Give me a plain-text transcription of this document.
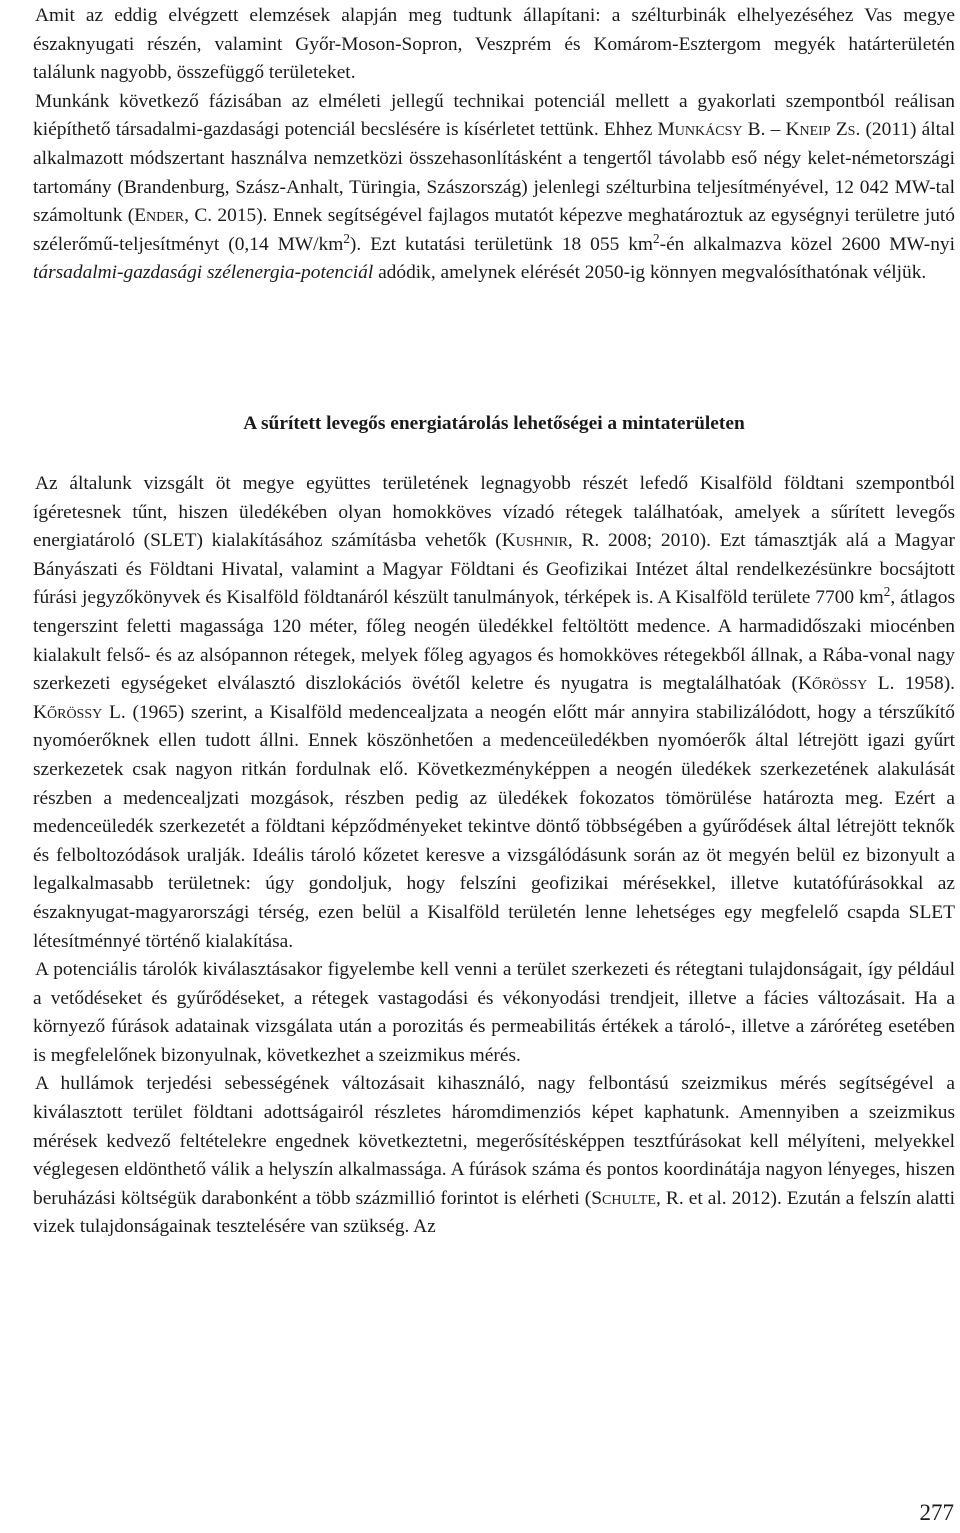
Amit az eddig elvégzett elemzések alapján meg tudtunk állapítani: a szélturbinák elhelyezéséhez Vas megye északnyugati részén, valamint Győr-Moson-Sopron, Veszprém és Komárom-Esztergom megyék határterületén találunk nagyobb, összefüggő területeket.

Munkánk következő fázisában az elméleti jellegű technikai potenciál mellett a gyakorlati szempontból reálisan kiépíthető társadalmi-gazdasági potenciál becslésére is kísérletet tettünk. Ehhez Munkácsy B. – Kneip Zs. (2011) által alkalmazott módszertant használva nemzetközi összehasonlításként a tengertől távolabb eső négy kelet-németországi tartomány (Brandenburg, Szász-Anhalt, Türingia, Szászország) jelenlegi szélturbina teljesítményével, 12 042 MW-tal számoltunk (Ender, C. 2015). Ennek segítségével fajlagos mutatót képezve meghatároztuk az egységnyi területre jutó szélerőmű-teljesítményt (0,14 $MW/km^2$). Ezt kutatási területünk 18 055 $km^2-én$ alkalmazva közel 2600 MW-nyi társadalmi-gazdasági szélenergia-potenciál adódik, amelynek elérését 2050-ig könnyen megvalósíthatónak véljük.

A sűrített levegős energiatárolás lehetőségei a mintaterületen

Az általunk vizsgált öt megye együttes területének legnagyobb részét lefedő Kisalföld földtani szempontból ígéretesnek tűnt, hiszen üledékében olyan homokköves vízadó rétegek találhatóak, amelyek a sűrített levegős energiatároló (SLET) kialakításához számításba vehetők (Kushnir, R. 2008; 2010). Ezt támasztják alá a Magyar Bányászati és Földtani Hivatal, valamint a Magyar Földtani és Geofizikai Intézet által rendelkezésünkre bocsájtott fúrási jegyzőkönyvek és Kisalföld földtanáról készült tanulmányok, térképek is. A Kisalföld területe 7700 $km^2$, átlagos tengerszint feletti magassága 120 méter, főleg neogén üledékkel feltöltött medence. A harmadidőszaki miocénben kialakult felső- és az alsópannon rétegek, melyek főleg agyagos és homokköves rétegekből állnak, a Rába-vonal nagy szerkezeti egységeket elválasztó diszlokációs övétől keletre és nyugatra is megtalálhatóak (Kőrössy L. 1958). Kőrössy L. (1965) szerint, a Kisalföld medencealjzata a neogén előtt már annyira stabilizálódott, hogy a térszűkítő nyomóerőknek ellen tudott állni. Ennek köszönhetően a medenceüledékben nyomóerők által létrejött igazi gyűrt szerkezetek csak nagyon ritkán fordulnak elő. Következményképpen a neogén üledékek szerkezetének alakulását részben a medencealjzati mozgások, részben pedig az üledékek fokozatos tömörülése határozta meg. Ezért a medenceüledék szerkezetét a földtani képződményeket tekintve döntő többségében a gyűrődések által létrejött teknők és felboltozódások uralják. Ideális tároló kőzetet keresve a vizsgálódásunk során az öt megyén belül ez bizonyult a legalkalmasabb területnek: úgy gondoljuk, hogy felszíni geofizikai mérésekkel, illetve kutatófúrásokkal az északnyugat-magyarországi térség, ezen belül a Kisalföld területén lenne lehetséges egy megfelelő csapda SLET létesítménnyé történő kialakítása.

A potenciális tárolók kiválasztásakor figyelembe kell venni a terület szerkezeti és rétegtani tulajdonságait, így például a vetődéseket és gyűrődéseket, a rétegek vastagodási és vékonyodási trendjeit, illetve a fácies változásait. Ha a környező fúrások adatainak vizsgálata után a porozitás és permeabilitás értékek a tároló-, illetve a záróréteg esetében is megfelelőnek bizonyulnak, következhet a szeizmikus mérés.

A hullámok terjedési sebességének változásait kihasználó, nagy felbontású szeizmikus mérés segítségével a kiválasztott terület földtani adottságairól részletes háromdimenziós képet kaphatunk. Amennyiben a szeizmikus mérések kedvező feltételekre engednek következtetni, megerősítésképpen tesztfúrásokat kell mélyíteni, melyekkel véglegesen eldönthető válik a helyszín alkalmassága. A fúrások száma és pontos koordinátája nagyon lényeges, hiszen beruházási költségük darabonként a több százmillió forintot is elérheti (Schulte, R. et al. 2012). Ezután a felszín alatti vizek tulajdonságainak tesztelésére van szükség. Az

277
